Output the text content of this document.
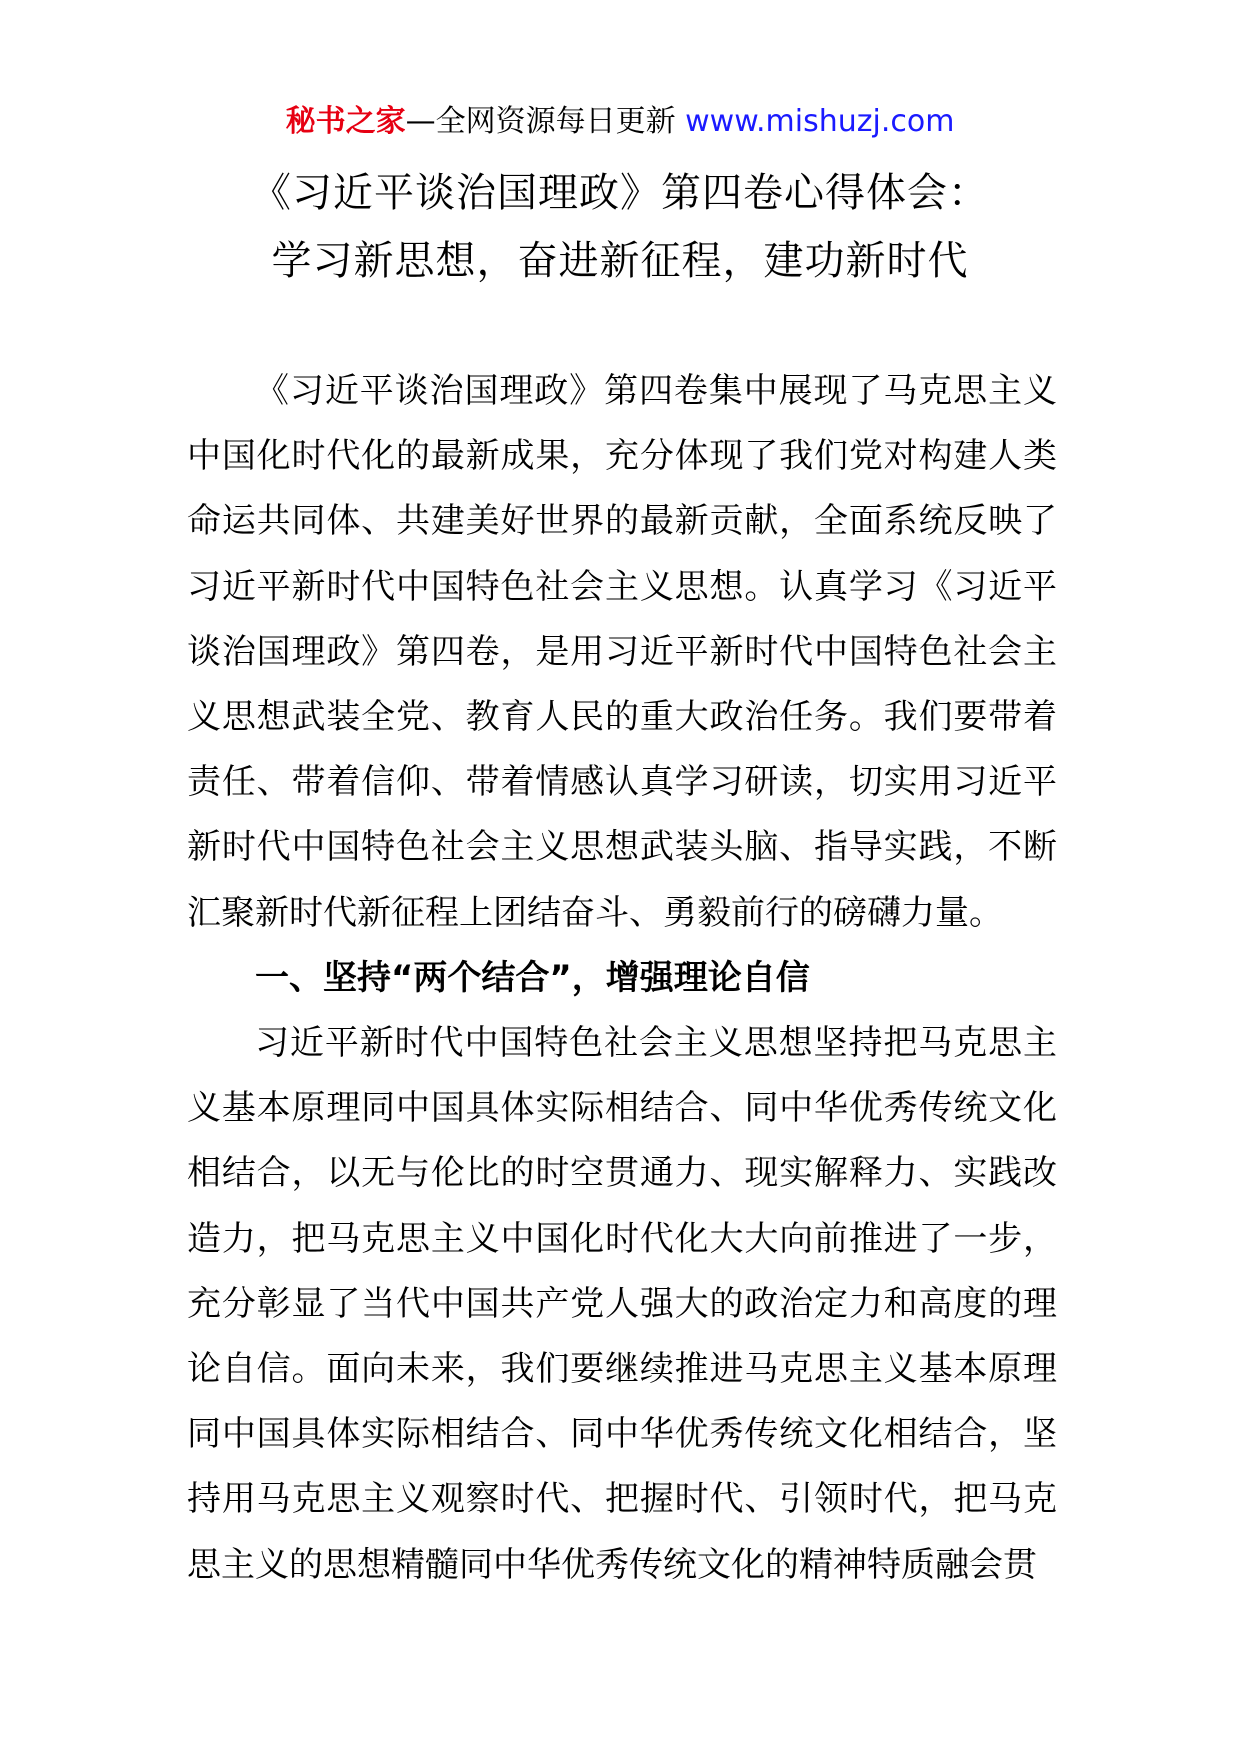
秘书之家—全网资源每日更新 www.mishuzj.com
《习近平谈治国理政》第四卷心得体会：
学习新思想，奋进新征程，建功新时代

《习近平谈治国理政》第四卷集中展现了马克思主义中国化时代化的最新成果，充分体现了我们党对构建人类命运共同体、共建美好世界的最新贡献，全面系统反映了习近平新时代中国特色社会主义思想。认真学习《习近平谈治国理政》第四卷，是用习近平新时代中国特色社会主义思想武装全党、教育人民的重大政治任务。我们要带着责任、带着信仰、带着情感认真学习研读，切实用习近平新时代中国特色社会主义思想武装头脑、指导实践，不断汇聚新时代新征程上团结奋斗、勇毅前行的磅礴力量。

一、坚持“两个结合”，增强理论自信

习近平新时代中国特色社会主义思想坚持把马克思主义基本原理同中国具体实际相结合、同中华优秀传统文化相结合，以无与伦比的时空贯通力、现实解释力、实践改造力，把马克思主义中国化时代化大大向前推进了一步，充分彰显了当代中国共产党人强大的政治定力和高度的理论自信。面向未来，我们要继续推进马克思主义基本原理同中国具体实际相结合、同中华优秀传统文化相结合，坚持用马克思主义观察时代、把握时代、引领时代，把马克思主义的思想精髓同中华优秀传统文化的精神特质融会贯
